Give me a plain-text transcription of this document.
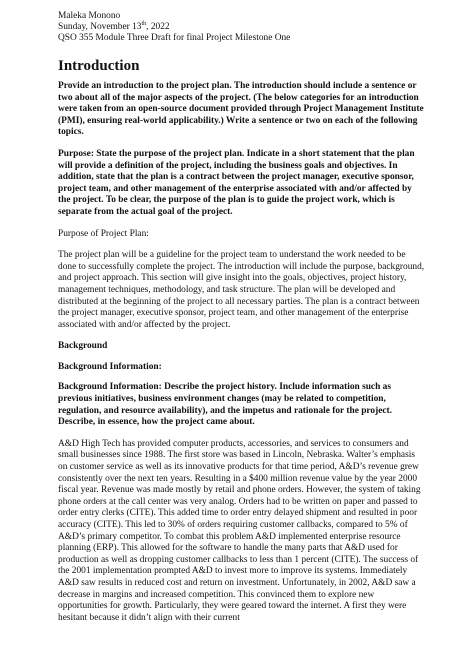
Maleka Monono
Sunday, November 13th, 2022
QSO 355 Module Three Draft for final Project Milestone One
Introduction

Provide an introduction to the project plan. The introduction should include a sentence or two about all of the major aspects of the project. (The below categories for an introduction were taken from an open-source document provided through Project Management Institute (PMI), ensuring real-world applicability.) Write a sentence or two on each of the following topics.

Purpose: State the purpose of the project plan. Indicate in a short statement that the plan will provide a definition of the project, including the business goals and objectives. In addition, state that the plan is a contract between the project manager, executive sponsor, project team, and other management of the enterprise associated with and/or affected by the project. To be clear, the purpose of the plan is to guide the project work, which is separate from the actual goal of the project.

Purpose of Project Plan:

The project plan will be a guideline for the project team to understand the work needed to be done to successfully complete the project. The introduction will include the purpose, background, and project approach. This section will give insight into the goals, objectives, project history, management techniques, methodology, and task structure. The plan will be developed and distributed at the beginning of the project to all necessary parties. The plan is a contract between the project manager, executive sponsor, project team, and other management of the enterprise associated with and/or affected by the project.

Background

Background Information:

Background Information: Describe the project history. Include information such as previous initiatives, business environment changes (may be related to competition, regulation, and resource availability), and the impetus and rationale for the project. Describe, in essence, how the project came about.

A&D High Tech has provided computer products, accessories, and services to consumers and small businesses since 1988. The first store was based in Lincoln, Nebraska. Walter’s emphasis on customer service as well as its innovative products for that time period, A&D’s revenue grew consistently over the next ten years. Resulting in a $400 million revenue value by the year 2000 fiscal year. Revenue was made mostly by retail and phone orders. However, the system of taking phone orders at the call center was very analog. Orders had to be written on paper and passed to order entry clerks (CITE). This added time to order entry delayed shipment and resulted in poor accuracy (CITE). This led to 30% of orders requiring customer callbacks, compared to 5% of A&D’s primary competitor. To combat this problem A&D implemented enterprise resource planning (ERP). This allowed for the software to handle the many parts that A&D used for production as well as dropping customer callbacks to less than 1 percent (CITE). The success of the 2001 implementation prompted A&D to invest more to improve its systems. Immediately A&D saw results in reduced cost and return on investment. Unfortunately, in 2002, A&D saw a decrease in margins and increased competition. This convinced them to explore new opportunities for growth. Particularly, they were geared toward the internet. A first they were hesitant because it didn’t align with their current
